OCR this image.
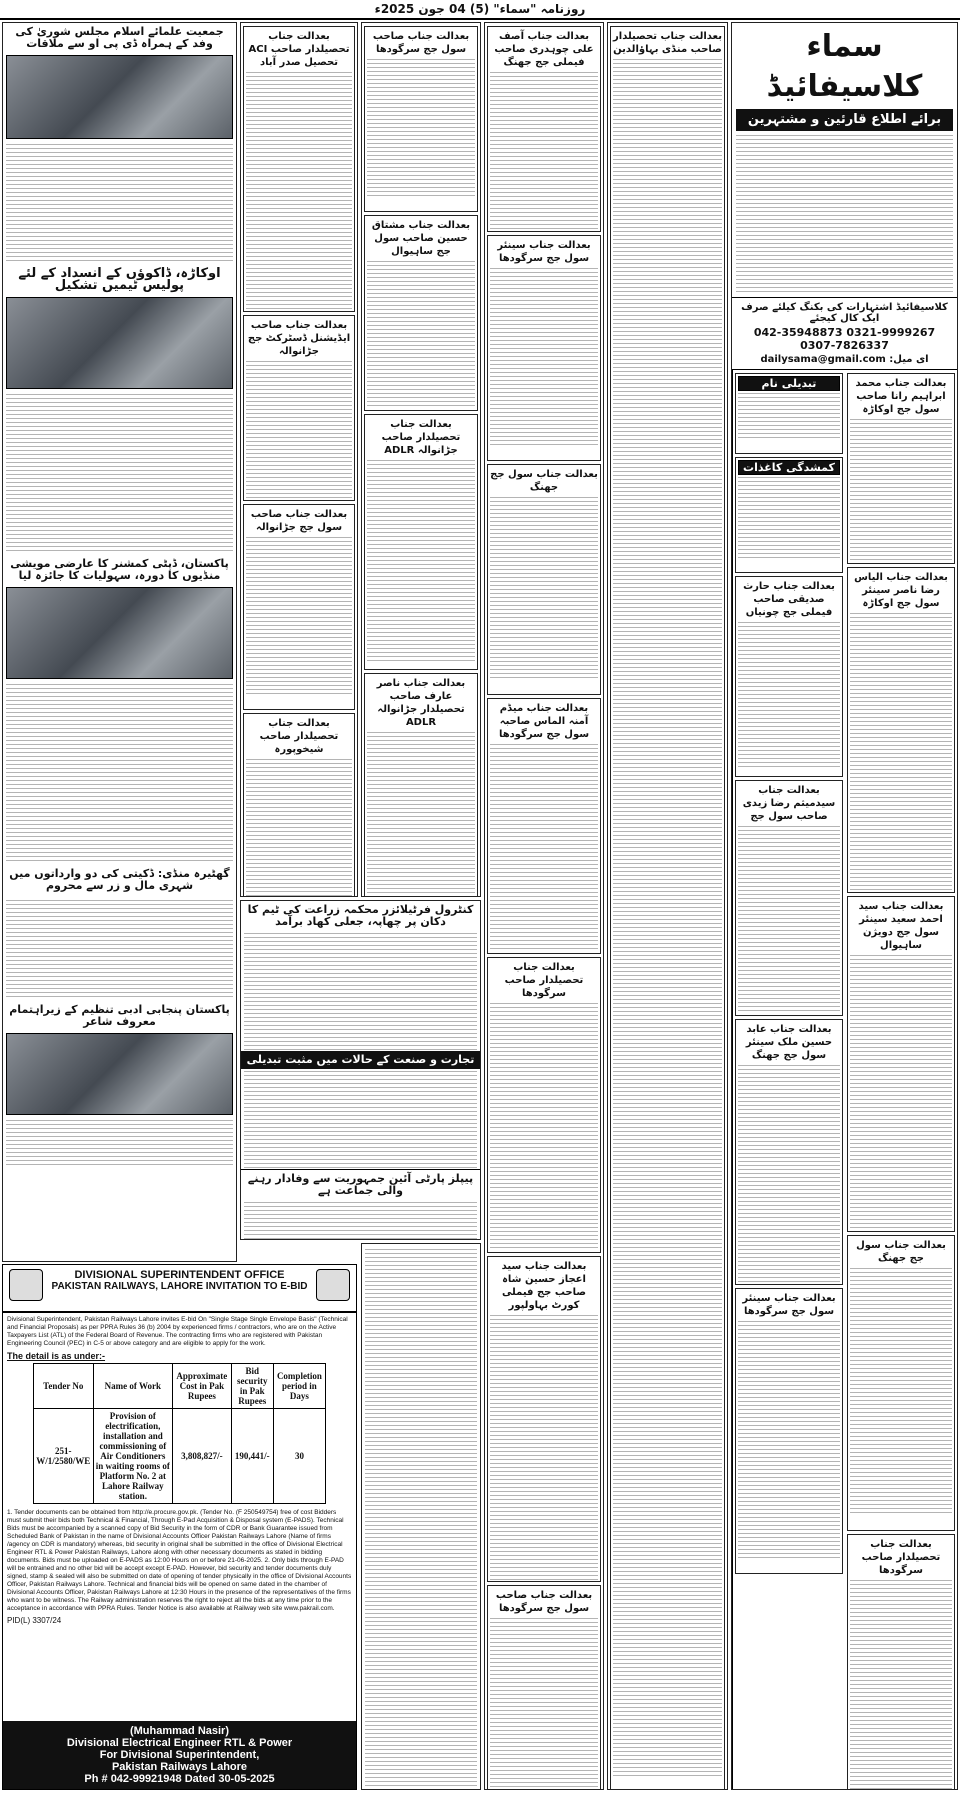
روزنامہ "سماء" (5) 04 جون 2025ء
سماء کلاسیفائیڈ
برائے اطلاع قارئین و مشتہرین
کلاسیفائیڈ اشتہارات کی بکنگ کیلئے صرف ایک کال کیجئے
042-35948873 0321-9999267 0307-7826337
ای میل: dailysama@gmail.com
تبدیلی نام
کمشدگی کاغذات
بعدالت جناب حارث صدیقی صاحب فیملی جج چونیاں
بعدالت جناب سیدمیثم رضا زیدی صاحب سول جج
بعدالت جناب عابد حسین ملک سینئر سول جج جھنگ
بعدالت جناب سینئر سول جج سرگودھا
بعدالت جناب محمد ابراہیم رانا صاحب سول جج اوکاڑہ
بعدالت جناب الیاس رضا ناصر سینئر سول جج اوکاڑہ
بعدالت جناب سید احمد سعید سینئر سول جج دویژن ساہیوال
بعدالت جناب سول جج جھنگ
بعدالت جناب تحصیلدار صاحب سرگودھا
بعدالت جناب تحصیلدار صاحب منڈی بہاؤالدین
بعدالت جناب آصف علی چوہدری صاحب فیملی جج جھنگ
بعدالت جناب سینئر سول جج سرگودھا
بعدالت جناب سول جج جھنگ
بعدالت جناب میڈم آمنہ الماس صاحبہ سول جج سرگودھا
بعدالت جناب تحصیلدار صاحب سرگودھا
بعدالت جناب سید اعجاز حسین شاہ صاحب جج فیملی کورٹ بہاولپور
بعدالت جناب صاحب سول جج سرگودھا
بعدالت جناب صاحب سول جج سرگودھا
بعدالت جناب مشتاق حسین صاحب سول جج ساہیوال
بعدالت جناب تحصیلدار صاحب جڑانوالہ ADLR
بعدالت جناب ناصر عارف صاحب تحصیلدار جڑانوالہ ADLR
بعدالت جناب تحصیلدار صاحب ACI تحصیل صدر آباد
بعدالت جناب صاحب ایڈیشنل ڈسٹرکٹ جج جڑانوالہ
بعدالت جناب صاحب سول جج جڑانوالہ
بعدالت جناب تحصیلدار صاحب شیخوپورہ
کنٹرول فرٹیلائزر محکمہ زراعت کی ٹیم کا دکان پر چھاپہ، جعلی کھاد برآمد
تجارت و صنعت کے حالات میں مثبت تبدیلی
پیپلز پارٹی آئین جمہوریت سے وفادار رہنے والی جماعت ہے
جمعیت علمائے اسلام مجلس شوریٰ کی وفد کے ہمراہ ڈی پی او سے ملاقات
اوکاڑہ، ڈاکوؤں کے انسداد کے لئے پولیس ٹیمیں تشکیل
پاکستان، ڈپٹی کمشنر کا عارضی مویشی منڈیوں کا دورہ، سہولیات کا جائزہ لیا
گھٹیرہ منڈی: ڈکیتی کی دو وارداتوں میں شہری مال و زر سے محروم
پاکستان پنجابی ادبی تنظیم کے زیراہتمام معروف شاعر
DIVISIONAL SUPERINTENDENT OFFICE
PAKISTAN RAILWAYS, LAHORE INVITATION TO E-BID
Divisional Superintendent, Pakistan Railways Lahore invites E-bid On "Single Stage Single Envelope Basis" (Technical and Financial Proposals) as per PPRA Rules 36 (b) 2004 by experienced firms / contractors, who are on the Active Taxpayers List (ATL) of the Federal Board of Revenue. The contracting firms who are registered with Pakistan Engineering Council (PEC) in C-5 or above category and are eligible to apply for the work.
The detail is as under:-
Tender No	Name of Work	Approximate Cost in Pak Rupees	Bid security in Pak Rupees	Completion period in Days
251-W/1/2580/WE	Provision of electrification, installation and commissioning of Air Conditioners in waiting rooms of Platform No. 2 at Lahore Railway station.	3,808,827/-	190,441/-	30
1. Tender documents can be obtained from http://e.procure.gov.pk. (Tender No. (F 250549754) free of cost Bidders must submit their bids both Technical & Financial, Through E-Pad Acquisition & Disposal system (E-PADS). Technical Bids must be accompanied by a scanned copy of Bid Security in the form of CDR or Bank Guarantee issued from Scheduled Bank of Pakistan in the name of Divisional Accounts Officer Pakistan Railways Lahore (Name of firms /agency on CDR is mandatory) whereas, bid security in original shall be submitted in the office of Divisional Electrical Engineer RTL & Power Pakistan Railways, Lahore along with other necessary documents as stated in bidding documents. Bids must be uploaded on E-PADS as 12:00 Hours on or before 21-06-2025. 2. Only bids through E-PAD will be entrained and no other bid will be accept except E-PAD. However, bid security and tender documents duly signed, stamp & sealed will also be submitted on date of opening of tender physically in the office of Divisional Accounts Officer, Pakistan Railways Lahore. Technical and financial bids will be opened on same dated in the chamber of Divisional Accounts Officer, Pakistan Railways Lahore at 12:30 Hours in the presence of the representatives of the firms who want to be witness. The Railway administration reserves the right to reject all the bids at any time prior to the acceptance in accordance with PPRA Rules. Tender Notice is also available at Railway web site www.pakrail.com.
PID(L) 3307/24
(Muhammad Nasir)
Divisional Electrical Engineer RTL & Power
For Divisional Superintendent,
Pakistan Railways Lahore
Ph # 042-99921948 Dated 30-05-2025
